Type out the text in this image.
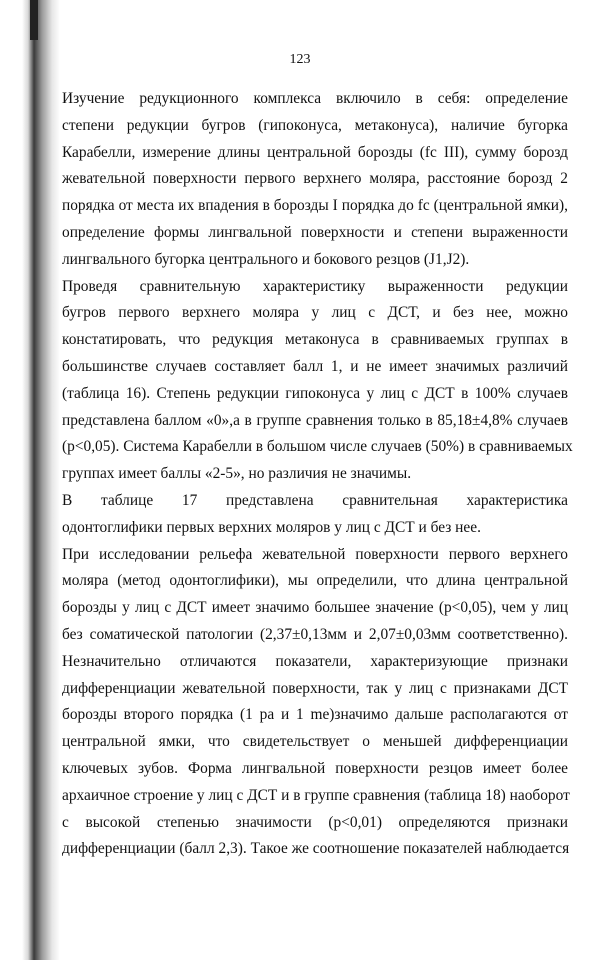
123
Изучение редукционного комплекса включило в себя: определение
степени редукции бугров (гипоконуса, метаконуса), наличие бугорка
Карабелли, измерение длины центральной борозды (fc III), сумму борозд
жевательной поверхности первого верхнего моляра, расстояние борозд 2
порядка от места их впадения в борозды I порядка до fc (центральной ямки),
определение формы лингвальной поверхности и степени выраженности
лингвального бугорка центрального и бокового резцов (J1,J2).
Проведя сравнительную характеристику выраженности редукции
бугров первого верхнего моляра у лиц с ДСТ, и без нее, можно
констатировать, что редукция метаконуса в сравниваемых группах в
большинстве случаев составляет балл 1, и не имеет значимых различий
(таблица 16). Степень редукции гипоконуса у лиц с ДСТ в 100% случаев
представлена баллом «0»,а в группе сравнения только в 85,18±4,8% случаев
(p<0,05). Система Карабелли в большом числе случаев (50%) в сравниваемых
группах имеет баллы «2-5», но различия не значимы.
В таблице 17 представлена сравнительная характеристика
одонтоглифики первых верхних моляров у лиц с ДСТ и без нее.
При исследовании рельефа жевательной поверхности первого верхнего
моляра (метод одонтоглифики), мы определили, что длина центральной
борозды у лиц с ДСТ имеет значимо большее значение (p<0,05), чем у лиц
без соматической патологии (2,37±0,13мм и 2,07±0,03мм соответственно).
Незначительно отличаются показатели, характеризующие признаки
дифференциации жевательной поверхности, так у лиц с признаками ДСТ
борозды второго порядка (1 pa и 1 me)значимо дальше располагаются от
центральной ямки, что свидетельствует о меньшей дифференциации
ключевых зубов. Форма лингвальной поверхности резцов имеет более
архаичное строение у лиц с ДСТ и в группе сравнения (таблица 18) наоборот
с высокой степенью значимости (p<0,01) определяются признаки
дифференциации (балл 2,3). Такое же соотношение показателей наблюдается
